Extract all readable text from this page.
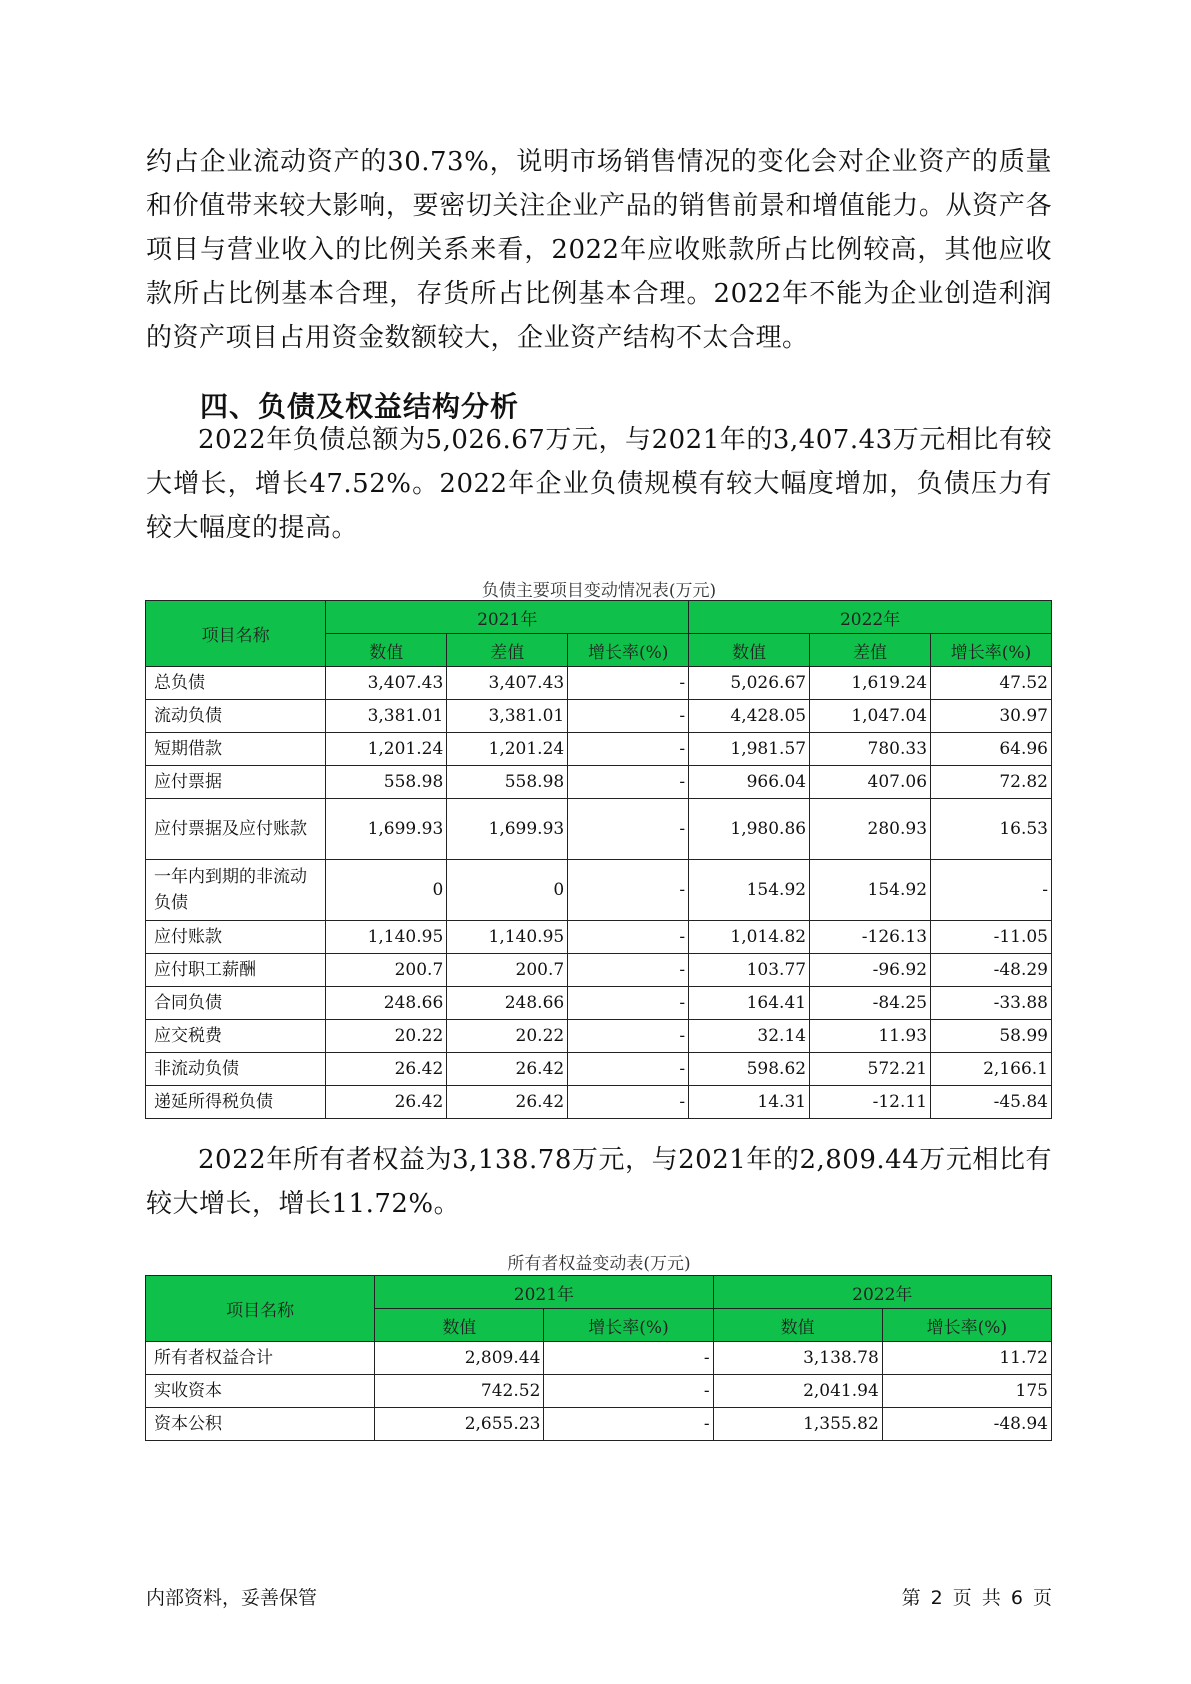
约占企业流动资产的30.73%，说明市场销售情况的变化会对企业资产的质量和价值带来较大影响，要密切关注企业产品的销售前景和增值能力。从资产各项目与营业收入的比例关系来看，2022年应收账款所占比例较高，其他应收款所占比例基本合理，存货所占比例基本合理。2022年不能为企业创造利润的资产项目占用资金数额较大，企业资产结构不太合理。

四、负债及权益结构分析

2022年负债总额为5,026.67万元，与2021年的3,407.43万元相比有较大增长，增长47.52%。2022年企业负债规模有较大幅度增加，负债压力有较大幅度的提高。

负债主要项目变动情况表(万元)

项目名称	2021年			2022年		
	数值	差值	增长率(%)	数值	差值	增长率(%)
总负债	3,407.43	3,407.43	-	5,026.67	1,619.24	47.52
流动负债	3,381.01	3,381.01	-	4,428.05	1,047.04	30.97
短期借款	1,201.24	1,201.24	-	1,981.57	780.33	64.96
应付票据	558.98	558.98	-	966.04	407.06	72.82
应付票据及应付账款	1,699.93	1,699.93	-	1,980.86	280.93	16.53
一年内到期的非流动负债	0	0	-	154.92	154.92	-
应付账款	1,140.95	1,140.95	-	1,014.82	-126.13	-11.05
应付职工薪酬	200.7	200.7	-	103.77	-96.92	-48.29
合同负债	248.66	248.66	-	164.41	-84.25	-33.88
应交税费	20.22	20.22	-	32.14	11.93	58.99
非流动负债	26.42	26.42	-	598.62	572.21	2,166.1
递延所得税负债	26.42	26.42	-	14.31	-12.11	-45.84

2022年所有者权益为3,138.78万元，与2021年的2,809.44万元相比有较大增长，增长11.72%。

所有者权益变动表(万元)

项目名称	2021年		2022年	
	数值	增长率(%)	数值	增长率(%)
所有者权益合计	2,809.44	-	3,138.78	11.72
实收资本	742.52	-	2,041.94	175
资本公积	2,655.23	-	1,355.82	-48.94
内部资料，妥善保管	第 2 页 共 6 页
